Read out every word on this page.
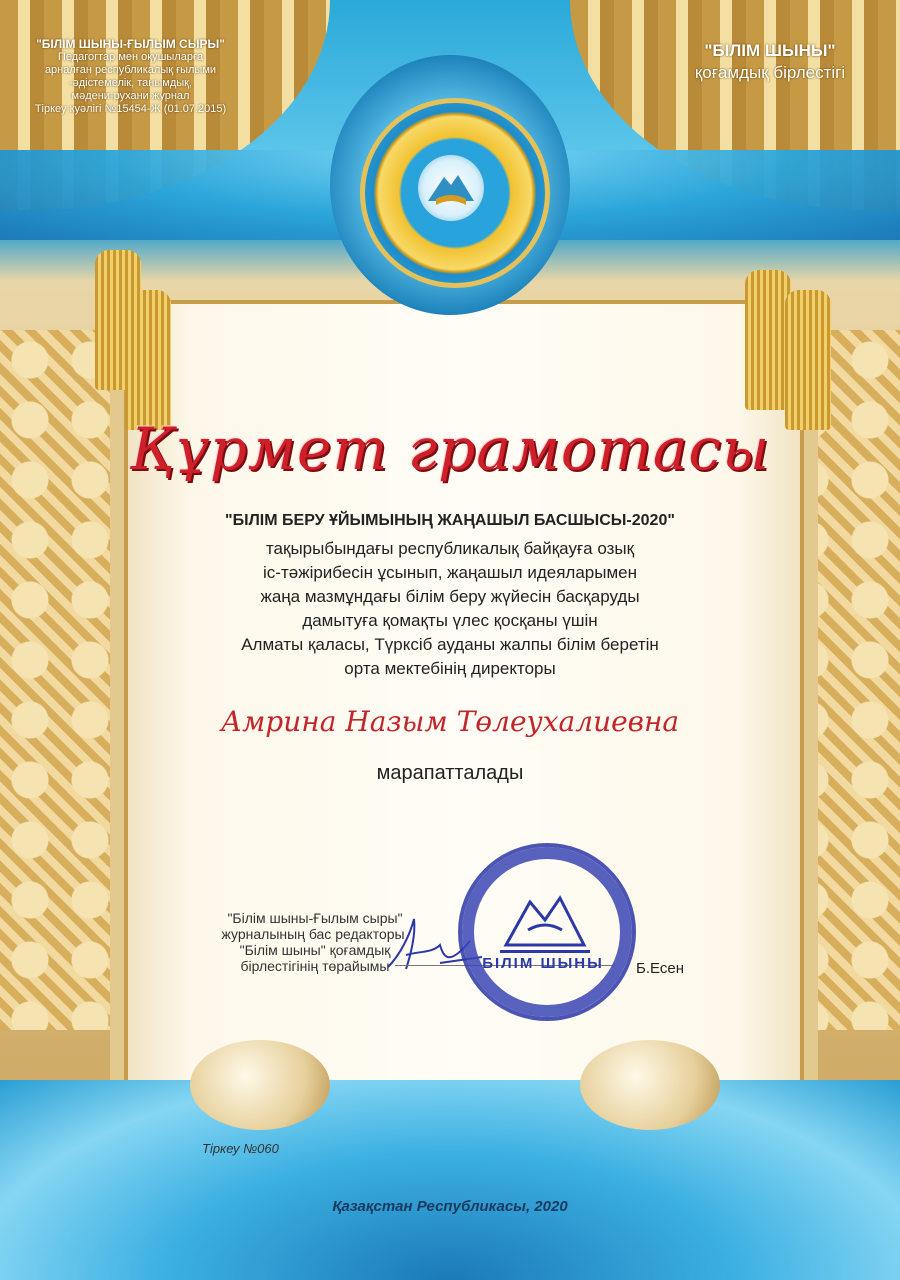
"БІЛІМ ШЫНЫ-ҒЫЛЫМ СЫРЫ"
Педагогтар мен оқушыларға
арналған республикалық ғылыми
-әдістемелік, танымдық,
мәдени-рухани журнал
Тіркеу куәлігі №15454-Ж (01.07.2015)
"БІЛІМ ШЫНЫ"
қоғамдық бірлестігі
Құрмет грамотасы
"БІЛІМ БЕРУ ҰЙЫМЫНЫҢ ЖАҢАШЫЛ БАСШЫСЫ-2020"
тақырыбындағы республикалық байқауға озық
іс-тәжірибесін ұсынып, жаңашыл идеяларымен
жаңа мазмұндағы білім беру жүйесін басқаруды
дамытуға қомақты үлес қосқаны үшін
Алматы қаласы, Түрксіб ауданы жалпы білім беретін
орта мектебінің директоры
Амрина Назым Төлеухалиевна
марапатталады
"Білім шыны-Ғылым сыры"
журналының бас редакторы,
"Білім шыны" қоғамдық
бірлестігінің төрайымы	БІЛІМ ШЫНЫ	Б.Есен
Тіркеу №060
Қазақстан Республикасы, 2020
